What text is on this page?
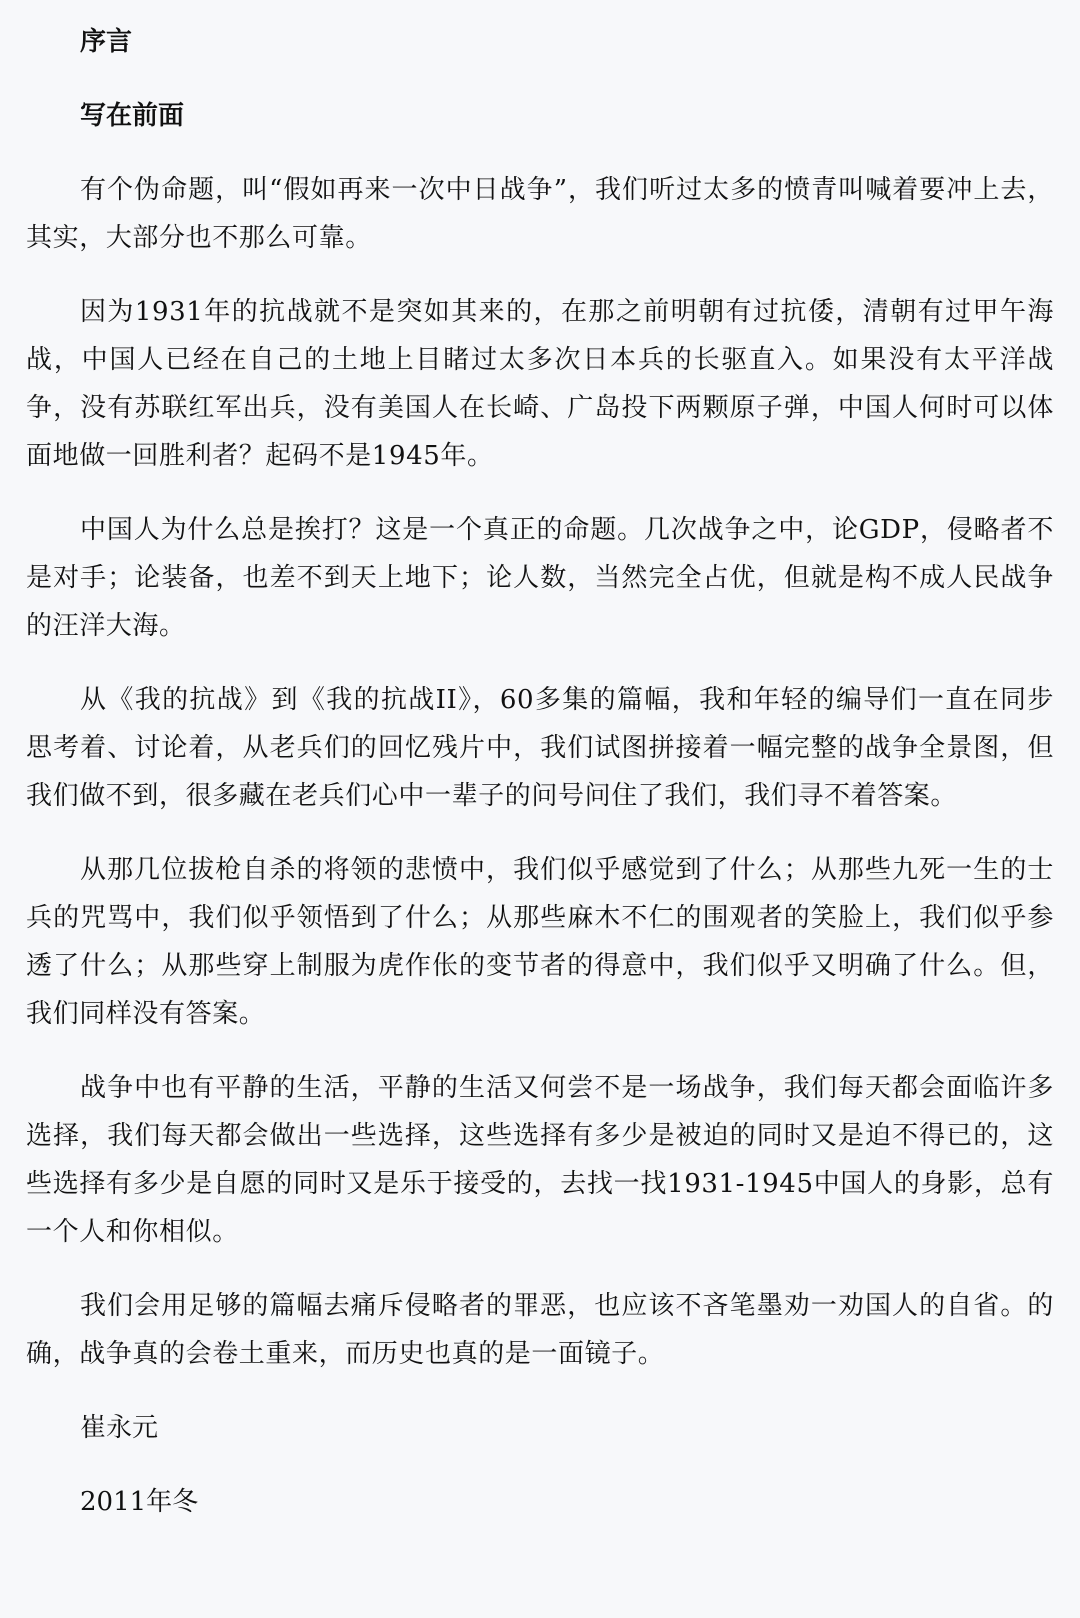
序言

写在前面

有个伪命题，叫“假如再来一次中日战争”，我们听过太多的愤青叫喊着要冲上去，其实，大部分也不那么可靠。

因为1931年的抗战就不是突如其来的，在那之前明朝有过抗倭，清朝有过甲午海战，中国人已经在自己的土地上目睹过太多次日本兵的长驱直入。如果没有太平洋战争，没有苏联红军出兵，没有美国人在长崎、广岛投下两颗原子弹，中国人何时可以体面地做一回胜利者？起码不是1945年。

中国人为什么总是挨打？这是一个真正的命题。几次战争之中，论GDP，侵略者不是对手；论装备，也差不到天上地下；论人数，当然完全占优，但就是构不成人民战争的汪洋大海。

从《我的抗战》到《我的抗战II》，60多集的篇幅，我和年轻的编导们一直在同步思考着、讨论着，从老兵们的回忆残片中，我们试图拼接着一幅完整的战争全景图，但我们做不到，很多藏在老兵们心中一辈子的问号问住了我们，我们寻不着答案。

从那几位拔枪自杀的将领的悲愤中，我们似乎感觉到了什么；从那些九死一生的士兵的咒骂中，我们似乎领悟到了什么；从那些麻木不仁的围观者的笑脸上，我们似乎参透了什么；从那些穿上制服为虎作伥的变节者的得意中，我们似乎又明确了什么。但，我们同样没有答案。

战争中也有平静的生活，平静的生活又何尝不是一场战争，我们每天都会面临许多选择，我们每天都会做出一些选择，这些选择有多少是被迫的同时又是迫不得已的，这些选择有多少是自愿的同时又是乐于接受的，去找一找1931-1945中国人的身影，总有一个人和你相似。

我们会用足够的篇幅去痛斥侵略者的罪恶，也应该不吝笔墨劝一劝国人的自省。的确，战争真的会卷土重来，而历史也真的是一面镜子。

崔永元

2011年冬
